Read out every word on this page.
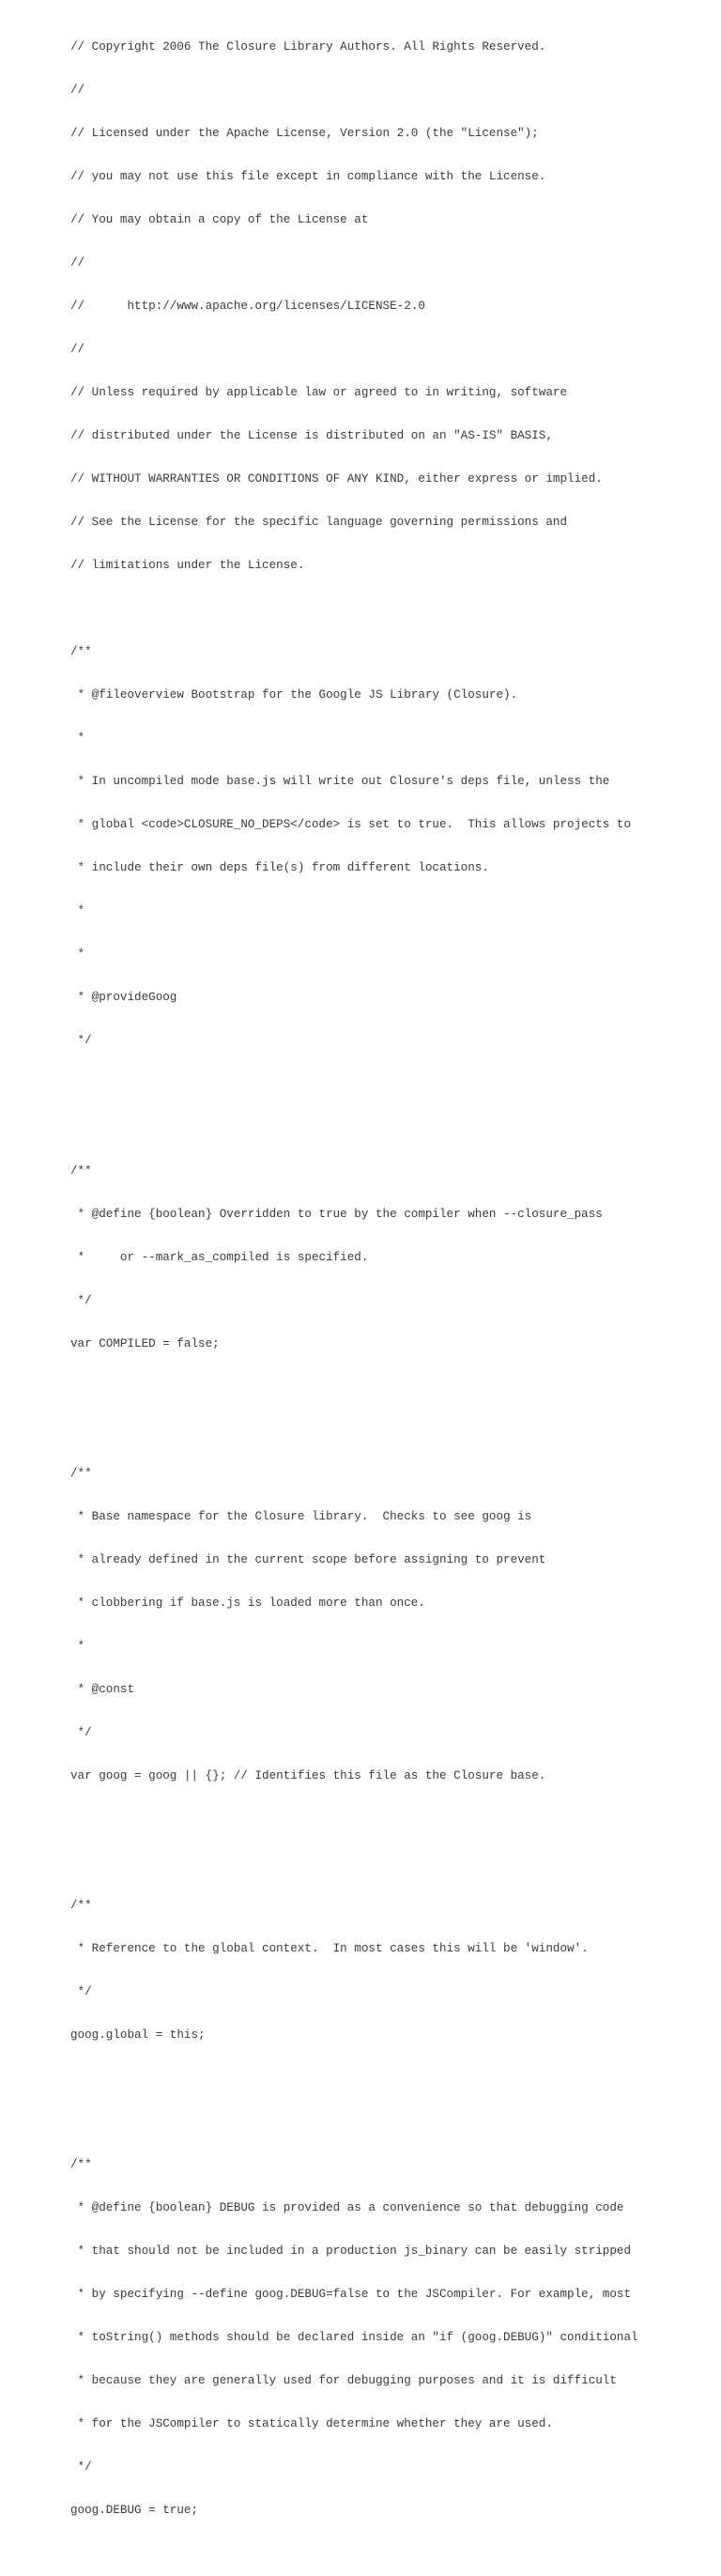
// Copyright 2006 The Closure Library Authors. All Rights Reserved.

//

// Licensed under the Apache License, Version 2.0 (the "License");

// you may not use this file except in compliance with the License.

// You may obtain a copy of the License at

//

//      http://www.apache.org/licenses/LICENSE-2.0

//

// Unless required by applicable law or agreed to in writing, software

// distributed under the License is distributed on an "AS-IS" BASIS,

// WITHOUT WARRANTIES OR CONDITIONS OF ANY KIND, either express or implied.

// See the License for the specific language governing permissions and

// limitations under the License.

/**

* @fileoverview Bootstrap for the Google JS Library (Closure).

*

* In uncompiled mode base.js will write out Closure's deps file, unless the

* global <code>CLOSURE_NO_DEPS</code> is set to true.  This allows projects to

* include their own deps file(s) from different locations.

*

*

* @provideGoog

*/

/**

* @define {boolean} Overridden to true by the compiler when --closure_pass

*     or --mark_as_compiled is specified.

*/

var COMPILED = false;

/**

* Base namespace for the Closure library.  Checks to see goog is

* already defined in the current scope before assigning to prevent

* clobbering if base.js is loaded more than once.

*

* @const

*/

var goog = goog || {}; // Identifies this file as the Closure base.

/**

* Reference to the global context.  In most cases this will be 'window'.

*/

goog.global = this;

/**

* @define {boolean} DEBUG is provided as a convenience so that debugging code

* that should not be included in a production js_binary can be easily stripped

* by specifying --define goog.DEBUG=false to the JSCompiler. For example, most

* toString() methods should be declared inside an "if (goog.DEBUG)" conditional

* because they are generally used for debugging purposes and it is difficult

* for the JSCompiler to statically determine whether they are used.

*/

goog.DEBUG = true;
